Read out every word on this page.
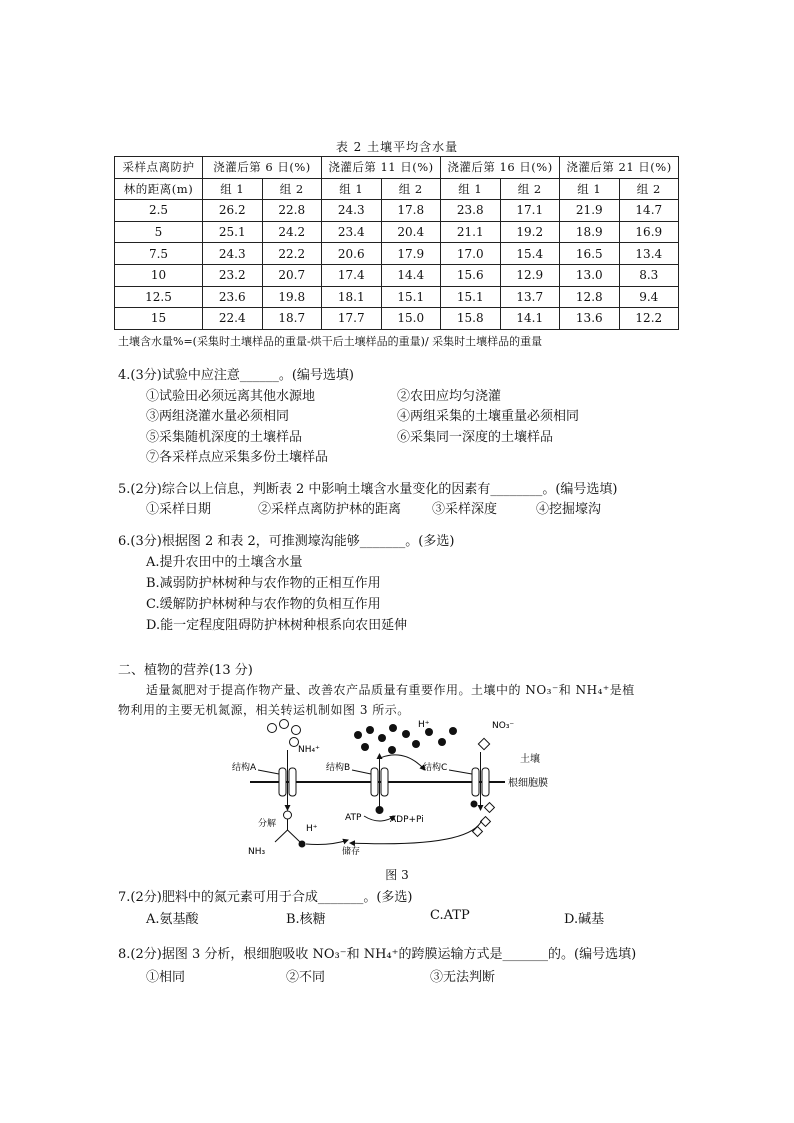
表 2 土壤平均含水量
采样点离防护	浇灌后第 6 日(%)		浇灌后第 11 日(%)		浇灌后第 16 日(%)		浇灌后第 21 日(%)	
林的距离(m)	组 1	组 2	组 1	组 2	组 1	组 2	组 1	组 2
2.5	26.2	22.8	24.3	17.8	23.8	17.1	21.9	14.7
5	25.1	24.2	23.4	20.4	21.1	19.2	18.9	16.9
7.5	24.3	22.2	20.6	17.9	17.0	15.4	16.5	13.4
10	23.2	20.7	17.4	14.4	15.6	12.9	13.0	8.3
12.5	23.6	19.8	18.1	15.1	15.1	13.7	12.8	9.4
15	22.4	18.7	17.7	15.0	15.8	14.1	13.6	12.2
土壤含水量%=(采集时土壤样品的重量-烘干后土壤样品的重量)/ 采集时土壤样品的重量
4.(3分)试验中应注意______。(编号选填)
①试验田必须远离其他水源地	②农田应均匀浇灌
③两组浇灌水量必须相同	④两组采集的土壤重量必须相同
⑤采集随机深度的土壤样品	⑥采集同一深度的土壤样品
⑦各采样点应采集多份土壤样品
5.(2分)综合以上信息，判断表 2 中影响土壤含水量变化的因素有________。(编号选填)
①采样日期	②采样点离防护林的距离 ③采样深度	④挖掘壕沟
6.(3分)根据图 2 和表 2，可推测壕沟能够_______。(多选)
A.提升农田中的土壤含水量
B.减弱防护林树种与农作物的正相互作用
C.缓解防护林树种与农作物的负相互作用
D.能一定程度阻碍防护林树种根系向农田延伸
二、植物的营养(13 分)
适量氮肥对于提高作物产量、改善农产品质量有重要作用。土壤中的 NO₃⁻和 NH₄⁺是植
物利用的主要无机氮源，相关转运机制如图 3 所示。
NH₄⁺
H⁺	NO₃⁻
土壤
根细胞膜
结构A	结构B	结构C
ATP	ADP+Pi
分解	H⁺
NH₃	储存
图 3
7.(2分)肥料中的氮元素可用于合成_______。(多选)
A.氨基酸	B.核糖	C.ATP	D.碱基
8.(2分)据图 3 分析，根细胞吸收 NO₃⁻和 NH₄⁺的跨膜运输方式是_______的。(编号选填)
①相同	②不同	③无法判断
